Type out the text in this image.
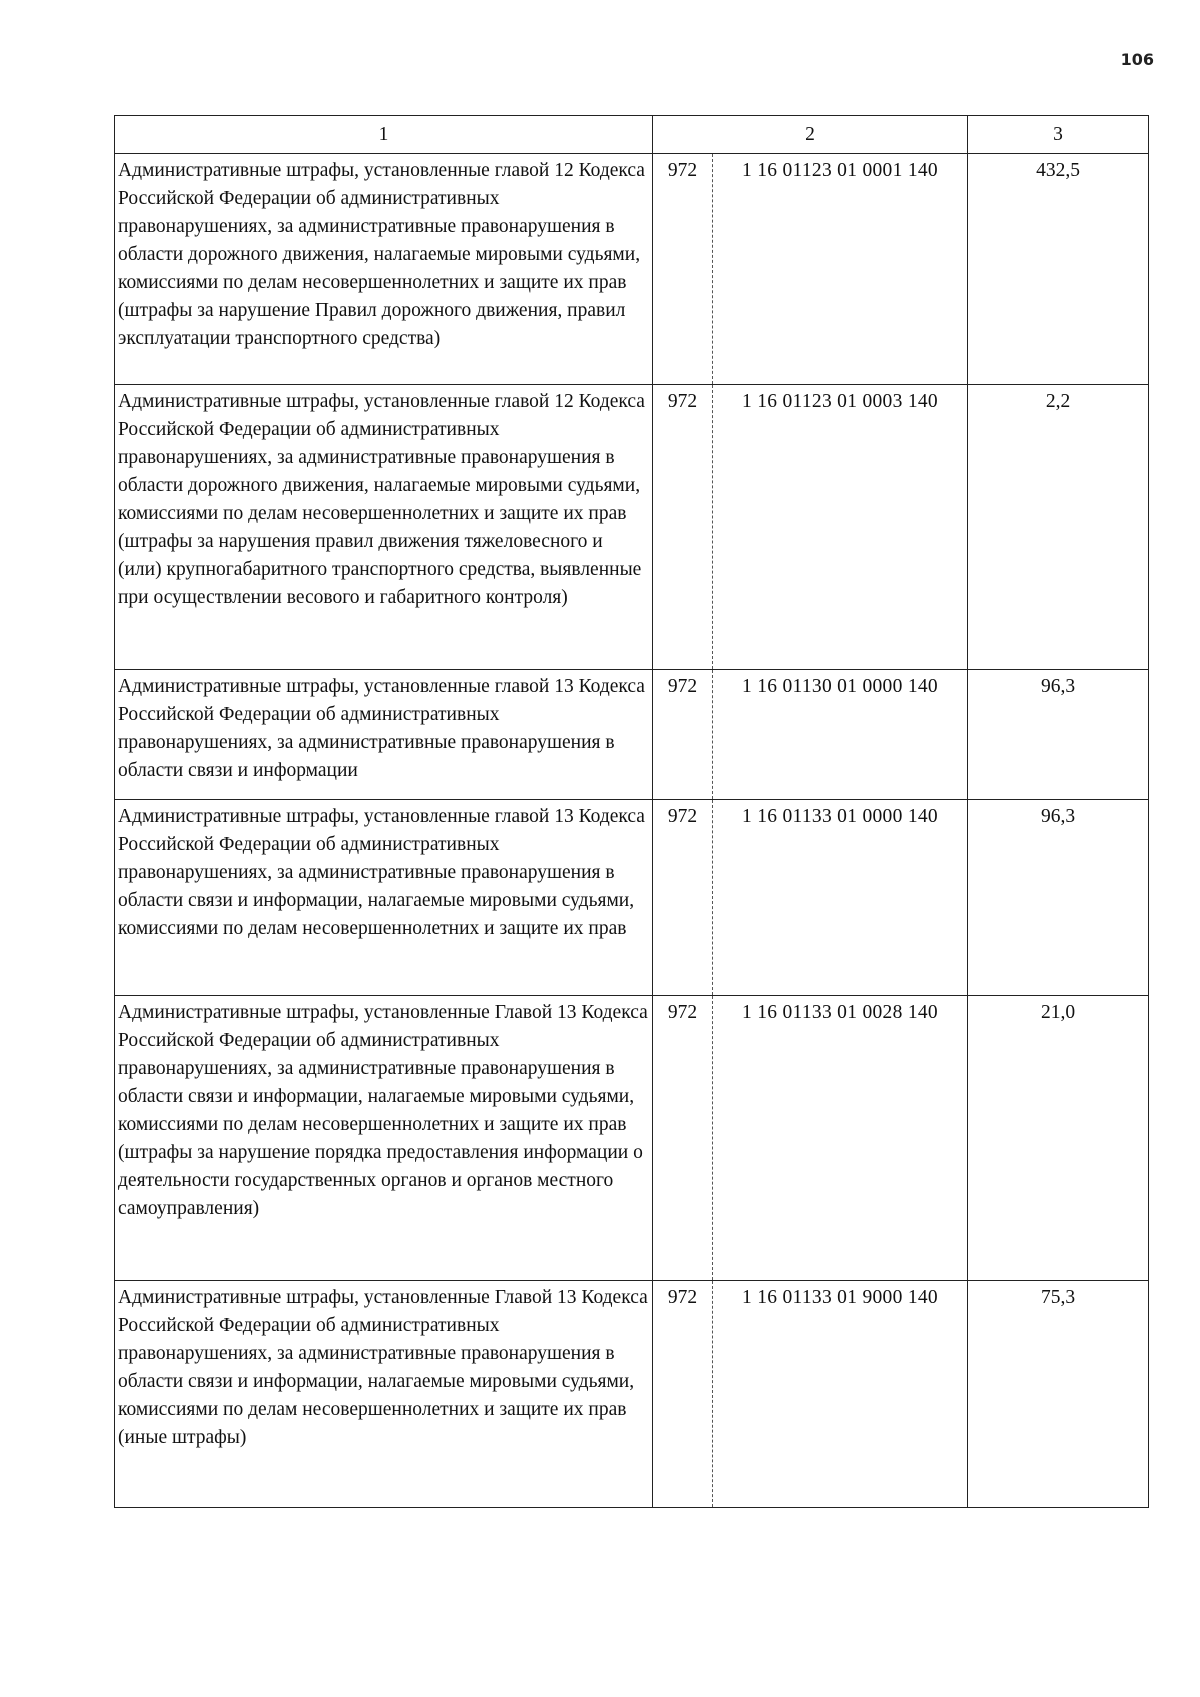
106
1	2		3
Административные штрафы, установленные главой 12 Кодекса Российской Федерации об административных правонарушениях, за административные правонарушения в области дорожного движения, налагаемые мировыми судьями, комиссиями по делам несовершеннолетних и защите их прав (штрафы за нарушение Правил дорожного движения, правил эксплуатации транспортного средства)	972	1 16 01123 01 0001 140	432,5
Административные штрафы, установленные главой 12 Кодекса Российской Федерации об административных правонарушениях, за административные правонарушения в области дорожного движения, налагаемые мировыми судьями, комиссиями по делам несовершеннолетних и защите их прав (штрафы за нарушения правил движения тяжеловесного и (или) крупногабаритного транспортного средства, выявленные при осуществлении весового и габаритного контроля)	972	1 16 01123 01 0003 140	2,2
Административные штрафы, установленные главой 13 Кодекса Российской Федерации об административных правонарушениях, за административные правонарушения в области связи и информации	972	1 16 01130 01 0000 140	96,3
Административные штрафы, установленные главой 13 Кодекса Российской Федерации об административных правонарушениях, за административные правонарушения в области связи и информации, налагаемые мировыми судьями, комиссиями по делам несовершеннолетних и защите их прав	972	1 16 01133 01 0000 140	96,3
Административные штрафы, установленные Главой 13 Кодекса Российской Федерации об административных правонарушениях, за административные правонарушения в области связи и информации, налагаемые мировыми судьями, комиссиями по делам несовершеннолетних и защите их прав (штрафы за нарушение порядка предоставления информации о деятельности государственных органов и органов местного самоуправления)	972	1 16 01133 01 0028 140	21,0
Административные штрафы, установленные Главой 13 Кодекса Российской Федерации об административных правонарушениях, за административные правонарушения в области связи и информации, налагаемые мировыми судьями, комиссиями по делам несовершеннолетних и защите их прав (иные штрафы)	972	1 16 01133 01 9000 140	75,3
